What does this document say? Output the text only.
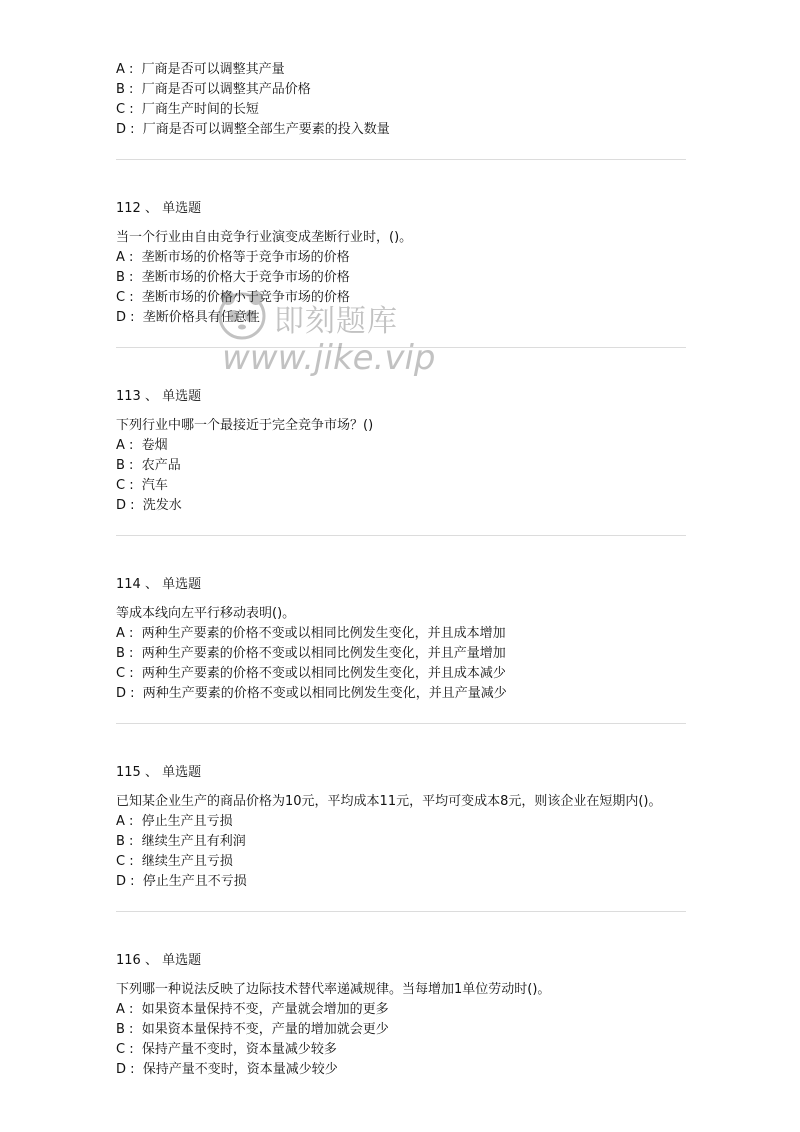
A : 厂商是否可以调整其产量
B : 厂商是否可以调整其产品价格
C : 厂商生产时间的长短
D : 厂商是否可以调整全部生产要素的投入数量
112 、 单选题
当一个行业由自由竞争行业演变成垄断行业时，()。
A : 垄断市场的价格等于竞争市场的价格
B : 垄断市场的价格大于竞争市场的价格
C : 垄断市场的价格小于竞争市场的价格
D : 垄断价格具有任意性
113 、 单选题
下列行业中哪一个最接近于完全竞争市场？()
A : 卷烟
B : 农产品
C : 汽车
D : 洗发水
114 、 单选题
等成本线向左平行移动表明()。
A : 两种生产要素的价格不变或以相同比例发生变化，并且成本增加
B : 两种生产要素的价格不变或以相同比例发生变化，并且产量增加
C : 两种生产要素的价格不变或以相同比例发生变化，并且成本减少
D : 两种生产要素的价格不变或以相同比例发生变化，并且产量减少
115 、 单选题
已知某企业生产的商品价格为10元，平均成本11元，平均可变成本8元，则该企业在短期内()。
A : 停止生产且亏损
B : 继续生产且有利润
C : 继续生产且亏损
D : 停止生产且不亏损
116 、 单选题
下列哪一种说法反映了边际技术替代率递减规律。当每增加1单位劳动时()。
A : 如果资本量保持不变，产量就会增加的更多
B : 如果资本量保持不变，产量的增加就会更少
C : 保持产量不变时，资本量减少较多
D : 保持产量不变时，资本量减少较少
即刻题库
www.jike.vip
